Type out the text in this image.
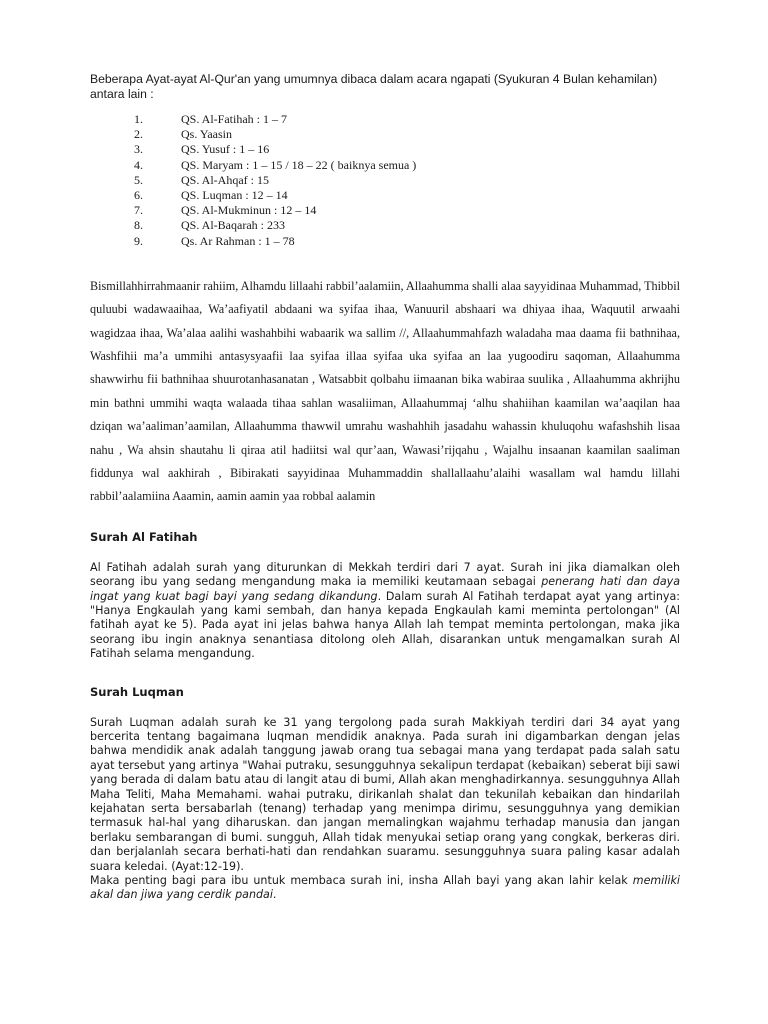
Beberapa Ayat-ayat Al-Qur'an yang umumnya dibaca dalam acara ngapati (Syukuran 4 Bulan kehamilan) antara lain :

1.	QS. Al-Fatihah : 1 – 7
2.	Qs. Yaasin
3.	QS. Yusuf : 1 – 16
4.	QS. Maryam : 1 – 15 / 18 – 22 ( baiknya semua )
5.	QS. Al-Ahqaf : 15
6.	QS. Luqman : 12 – 14
7.	QS. Al-Mukminun : 12 – 14
8.	QS. Al-Baqarah : 233
9.	Qs. Ar Rahman : 1 – 78

Bismillahhirrahmaanir rahiim, Alhamdu lillaahi rabbil’aalamiin, Allaahumma shalli alaa sayyidinaa Muhammad, Thibbil quluubi wadawaaihaa, Wa’aafiyatil abdaani wa syifaa ihaa, Wanuuril abshaari wa dhiyaa ihaa, Waquutil arwaahi wagidzaa ihaa, Wa’alaa aalihi washahbihi wabaarik wa sallim //, Allaahummahfazh waladaha maa daama fii bathnihaa, Washfihii ma’a ummihi antasysyaafii laa syifaa illaa syifaa uka syifaa an laa yugoodiru saqoman, Allaahumma shawwirhu fii bathnihaa shuurotanhasanatan , Watsabbit qolbahu iimaanan bika wabiraa suulika , Allaahumma akhrijhu min bathni ummihi waqta walaada tihaa sahlan wasaliiman, Allaahummaj ‘alhu shahiihan kaamilan wa’aaqilan haa dziqan wa’aaliman’aamilan, Allaahumma thawwil umrahu washahhih jasadahu wahassin khuluqohu wafashshih lisaa nahu , Wa ahsin shautahu li qiraa atil hadiitsi wal qur’aan, Wawasi’rijqahu , Wajalhu insaanan kaamilan saaliman fiddunya wal aakhirah , Bibirakati sayyidinaa Muhammaddin shallallaahu’alaihi wasallam wal hamdu lillahi rabbil’aalamiina Aaamin, aamin aamin yaa robbal aalamin

Surah Al Fatihah

Al Fatihah adalah surah yang diturunkan di Mekkah terdiri dari 7 ayat. Surah ini jika diamalkan oleh seorang ibu yang sedang mengandung maka ia memiliki keutamaan sebagai penerang hati dan daya ingat yang kuat bagi bayi yang sedang dikandung. Dalam surah Al Fatihah terdapat ayat yang artinya: "Hanya Engkaulah yang kami sembah, dan hanya kepada Engkaulah kami meminta pertolongan" (Al fatihah ayat ke 5). Pada ayat ini jelas bahwa hanya Allah lah tempat meminta pertolongan, maka jika seorang ibu ingin anaknya senantiasa ditolong oleh Allah, disarankan untuk mengamalkan surah Al Fatihah selama mengandung.

Surah Luqman

Surah Luqman adalah surah ke 31 yang tergolong pada surah Makkiyah terdiri dari 34 ayat yang bercerita tentang bagaimana luqman mendidik anaknya. Pada surah ini digambarkan dengan jelas bahwa mendidik anak adalah tanggung jawab orang tua sebagai mana yang terdapat pada salah satu ayat tersebut yang artinya "Wahai putraku, sesungguhnya sekalipun terdapat (kebaikan) seberat biji sawi yang berada di dalam batu atau di langit atau di bumi, Allah akan menghadirkannya. sesungguhnya Allah Maha Teliti, Maha Memahami. wahai putraku, dirikanlah shalat dan tekunilah kebaikan dan hindarilah kejahatan serta bersabarlah (tenang) terhadap yang menimpa dirimu, sesungguhnya yang demikian termasuk hal-hal yang diharuskan. dan jangan memalingkan wajahmu terhadap manusia dan jangan berlaku sembarangan di bumi. sungguh, Allah tidak menyukai setiap orang yang congkak, berkeras diri. dan berjalanlah secara berhati-hati dan rendahkan suaramu. sesungguhnya suara paling kasar adalah suara keledai. (Ayat:12-19).

Maka penting bagi para ibu untuk membaca surah ini, insha Allah bayi yang akan lahir kelak memiliki akal dan jiwa yang cerdik pandai.
